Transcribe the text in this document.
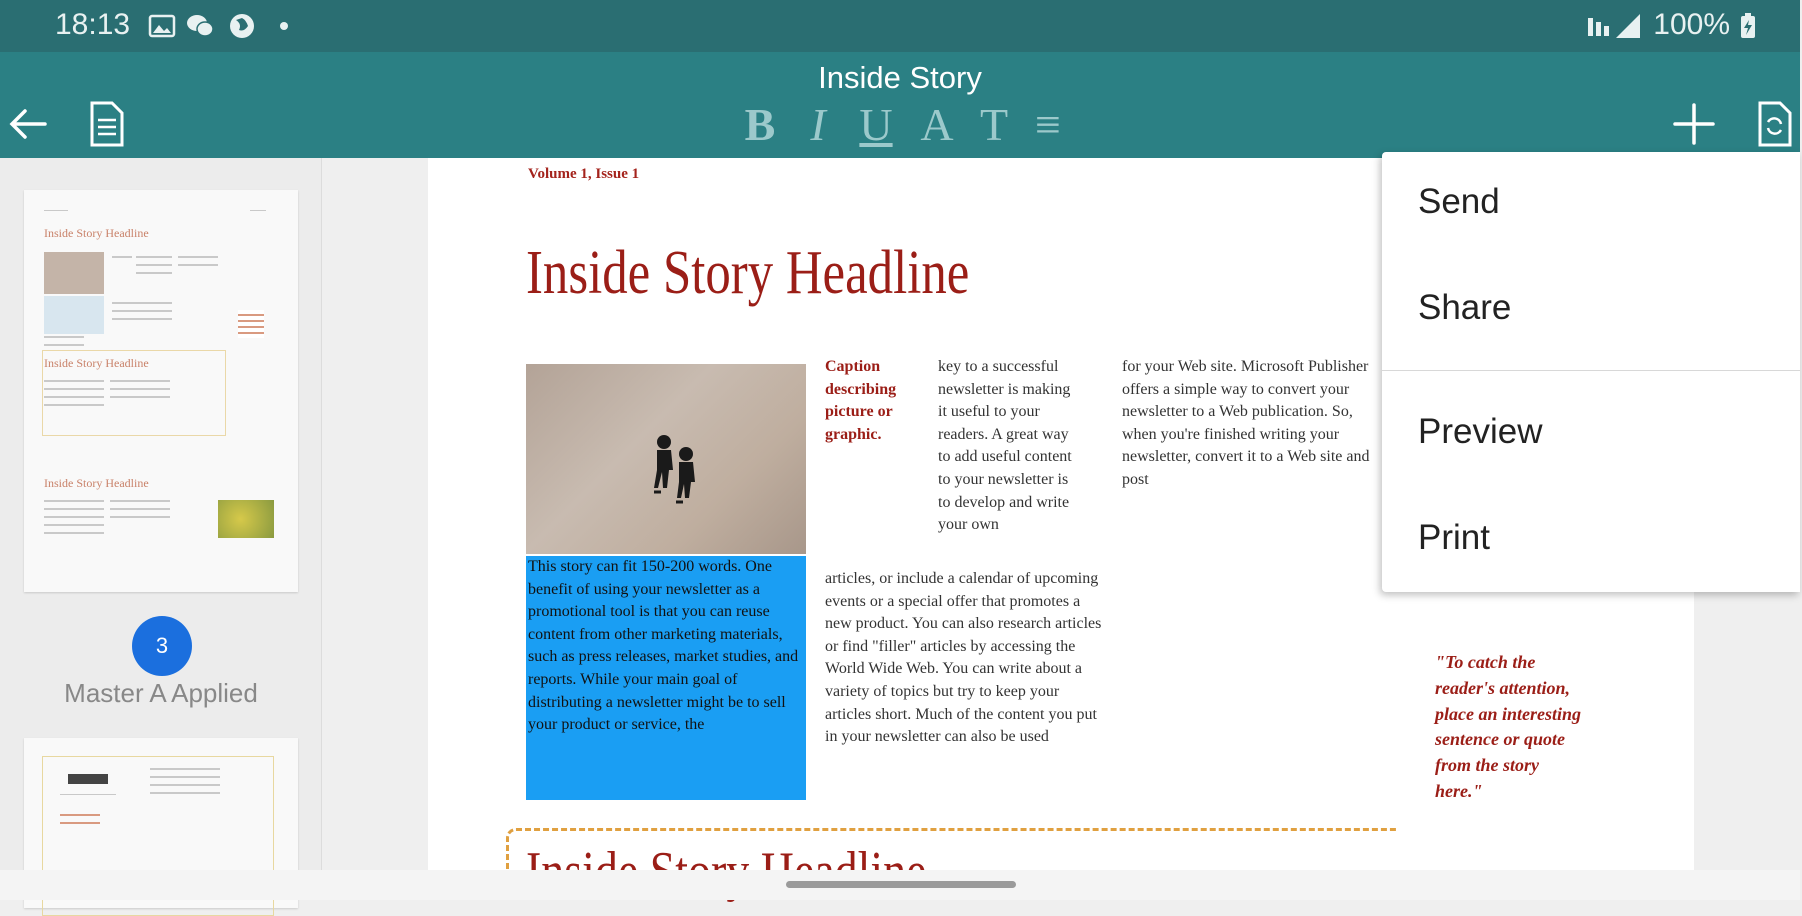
18:13	100%
Inside Story
B I U A T ≡
Inside Story Headline
Inside Story Headline
Inside Story Headline
3
Master A Applied
Volume 1, Issue 1
Inside Story Headline
This story can fit 150-200 words. One benefit of using your newsletter as a promotional tool is that you can reuse content from other marketing materials, such as press releases, market studies, and reports. While your main goal of distributing a newsletter might be to sell your product or service, the
Caption describing picture or graphic.
key to a successful newsletter is making it useful to your readers. A great way to add useful content to your newsletter is to develop and write your own
for your Web site. Microsoft Publisher offers a simple way to convert your newsletter to a Web publication. So, when you're finished writing your newsletter, convert it to a Web site and post
articles, or include a calendar of upcoming events or a special offer that promotes a new product. You can also research articles or find "filler" articles by accessing the World Wide Web. You can write about a variety of topics but try to keep your articles short. Much of the content you put in your newsletter can also be used
"To catch the reader's attention, place an interesting sentence or quote from the story here."
Send
Share
Preview
Print
